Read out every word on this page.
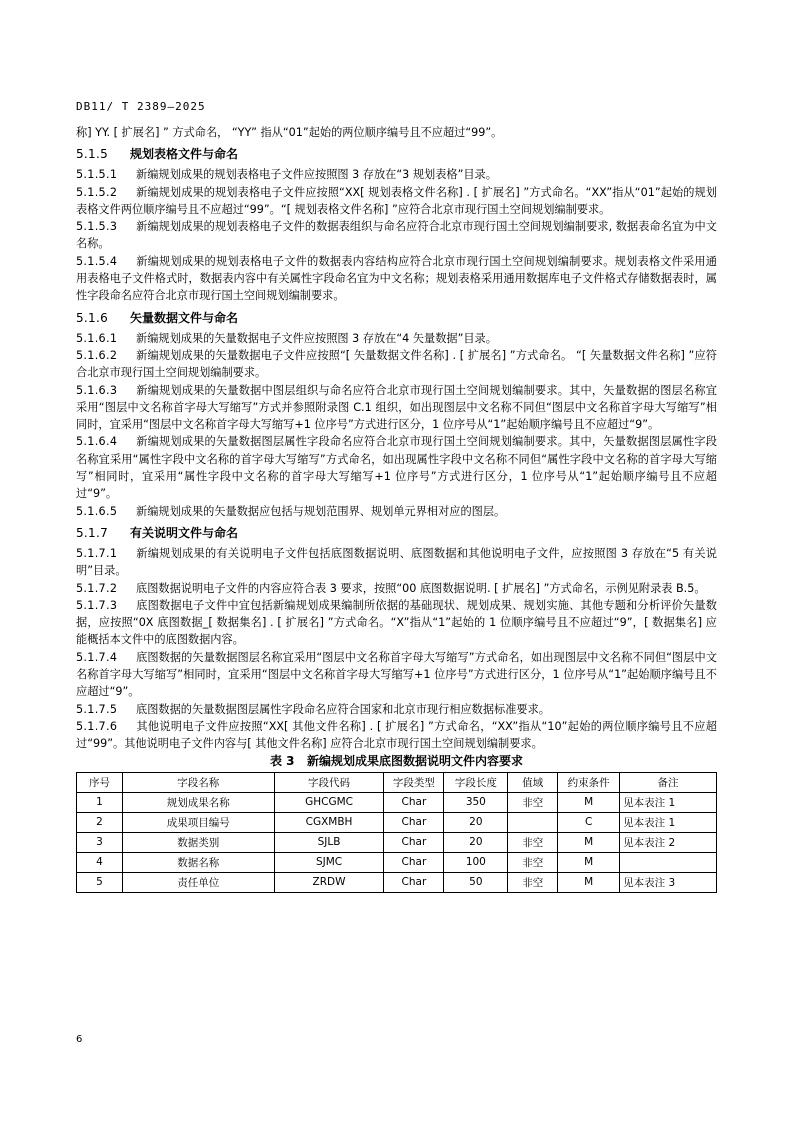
DB11/ T 2389—2025

称] YY. [ 扩展名] ” 方式命名， “YY” 指从“01”起始的两位顺序编号且不应超过“99”。

5.1.5 规划表格文件与命名

5.1.5.1 新编规划成果的规划表格电子文件应按照图 3 存放在“3 规划表格”目录。

5.1.5.2 新编规划成果的规划表格电子文件应按照“XX[ 规划表格文件名称] . [ 扩展名] ”方式命名。“XX”指从“01”起始的规划表格文件两位顺序编号且不应超过“99”。“[ 规划表格文件名称] ”应符合北京市现行国土空间规划编制要求。

5.1.5.3 新编规划成果的规划表格电子文件的数据表组织与命名应符合北京市现行国土空间规划编制要求, 数据表命名宜为中文名称。

5.1.5.4 新编规划成果的规划表格电子文件的数据表内容结构应符合北京市现行国土空间规划编制要求。规划表格文件采用通用表格电子文件格式时，数据表内容中有关属性字段命名宜为中文名称；规划表格采用通用数据库电子文件格式存储数据表时，属性字段命名应符合北京市现行国土空间规划编制要求。

5.1.6 矢量数据文件与命名

5.1.6.1 新编规划成果的矢量数据电子文件应按照图 3 存放在“4 矢量数据”目录。

5.1.6.2 新编规划成果的矢量数据电子文件应按照“[ 矢量数据文件名称] . [ 扩展名] ”方式命名。 “[ 矢量数据文件名称] ”应符合北京市现行国土空间规划编制要求。

5.1.6.3 新编规划成果的矢量数据中图层组织与命名应符合北京市现行国土空间规划编制要求。其中，矢量数据的图层名称宜采用“图层中文名称首字母大写缩写”方式并参照附录图 C.1 组织，如出现图层中文名称不同但“图层中文名称首字母大写缩写”相同时，宜采用“图层中文名称首字母大写缩写+1 位序号”方式进行区分，1 位序号从“1”起始顺序编号且不应超过“9”。

5.1.6.4 新编规划成果的矢量数据图层属性字段命名应符合北京市现行国土空间规划编制要求。其中，矢量数据图层属性字段名称宜采用“属性字段中文名称的首字母大写缩写”方式命名，如出现属性字段中文名称不同但“属性字段中文名称的首字母大写缩写”相同时，宜采用“属性字段中文名称的首字母大写缩写+1 位序号”方式进行区分，1 位序号从“1”起始顺序编号且不应超过“9”。

5.1.6.5 新编规划成果的矢量数据应包括与规划范围界、规划单元界相对应的图层。

5.1.7 有关说明文件与命名

5.1.7.1 新编规划成果的有关说明电子文件包括底图数据说明、底图数据和其他说明电子文件，应按照图 3 存放在“5 有关说明”目录。

5.1.7.2 底图数据说明电子文件的内容应符合表 3 要求，按照“00 底图数据说明. [ 扩展名] ”方式命名，示例见附录表 B.5。

5.1.7.3 底图数据电子文件中宜包括新编规划成果编制所依据的基础现状、规划成果、规划实施、其他专题和分析评价矢量数据，应按照“0X 底图数据_[ 数据集名] . [ 扩展名] ”方式命名。“X”指从“1”起始的 1 位顺序编号且不应超过“9”，[ 数据集名] 应能概括本文件中的底图数据内容。

5.1.7.4 底图数据的矢量数据图层名称宜采用“图层中文名称首字母大写缩写”方式命名，如出现图层中文名称不同但“图层中文名称首字母大写缩写”相同时，宜采用“图层中文名称首字母大写缩写+1 位序号”方式进行区分，1 位序号从“1”起始顺序编号且不应超过“9”。

5.1.7.5 底图数据的矢量数据图层属性字段命名应符合国家和北京市现行相应数据标准要求。

5.1.7.6 其他说明电子文件应按照“XX[ 其他文件名称] . [ 扩展名] ”方式命名，“XX”指从“10”起始的两位顺序编号且不应超过“99”。其他说明电子文件内容与[ 其他文件名称] 应符合北京市现行国土空间规划编制要求。

表 3 新编规划成果底图数据说明文件内容要求
序号	字段名称	字段代码	字段类型	字段长度	值域	约束条件	备注
1	规划成果名称	GHCGMC	Char	350	非空	M	见本表注 1
2	成果项目编号	CGXMBH	Char	20		C	见本表注 1
3	数据类别	SJLB	Char	20	非空	M	见本表注 2
4	数据名称	SJMC	Char	100	非空	M	
5	责任单位	ZRDW	Char	50	非空	M	见本表注 3
6
